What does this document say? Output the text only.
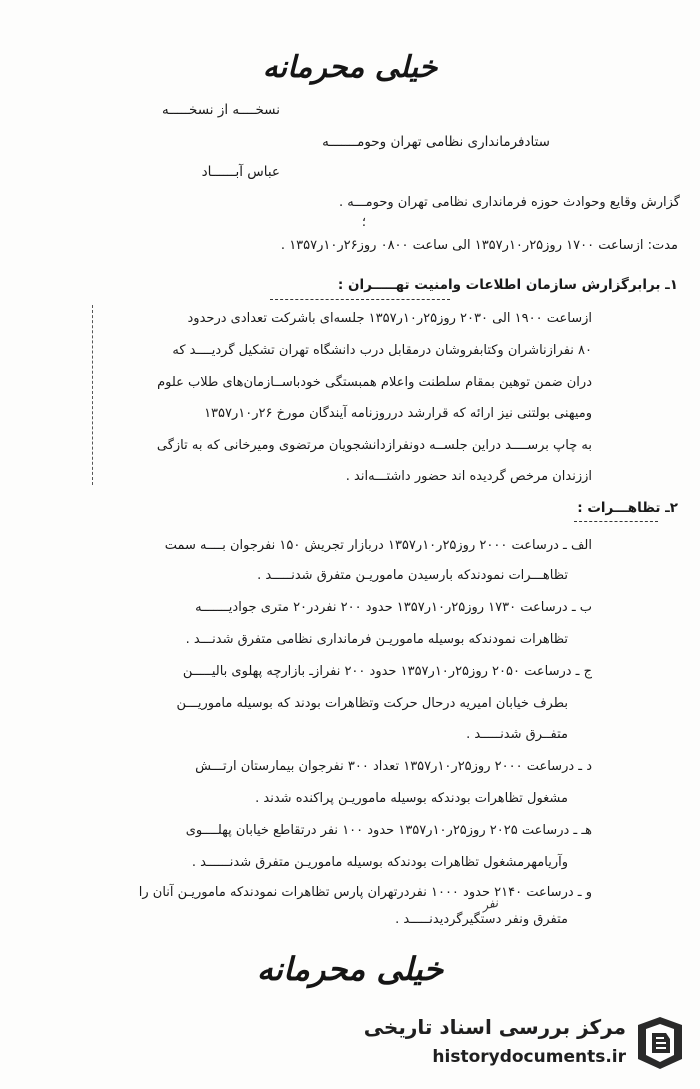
خیلی محرمانه
نسخــــه از نسخـــــه
ستادفرماندارى نظامی تهران وحومـــــــه
عباس آبــــــاد
گزارش وقایع وحوادث حوزه فرماندارى نظامى تهران وحومـــه .
؛
مدت: ازساعت ۱۷۰۰ روز۲۵ر۱۰ر۱۳۵۷ الی ساعت ۰۸۰۰ روز۲۶ر۱۰ر۱۳۵۷ .
۱ـ برابرگزارش سازمان اطلاعات وامنیت تهـــــران :
ازساعت ۱۹۰۰ الی ۲۰۳۰ روز۲۵ر۱۰ر۱۳۵۷ جلسه‌ای باشرکت تعدادی درحدود
۸۰ نفرازناشران وکتابفروشان درمقابل درب دانشگاه تهران تشکیل گردیــــد که
دران ضمن توهین بمقام سلطنت واعلام همبستگی خودباســازمان‌هاى طلاب علوم
ومیهنی بولتنی نیز ارائه که قرارشد درروزنامه آیندگان مورخ ۲۶ر۱۰ر۱۳۵۷
به چاپ برســــد دراین جلســه دونفرازدانشجویان مرتضوی ومیرخانی که به تازگی
اززندان مرخص گردیده اند حضور داشتـــه‌اند .
۲ـ تظاهـــرات :
الف ـ درساعت ۲۰۰۰ روز۲۵ر۱۰ر۱۳۵۷ دربازار تجریش ۱۵۰ نفرجوان بــــه سمت
تظاهـــرات نمودندکه بارسیدن ماموریـن متفرق شدنـــــد .
ب ـ درساعت ۱۷۳۰ روز۲۵ر۱۰ر۱۳۵۷ حدود ۲۰۰ نفردر۲۰ متری جوادیـــــــه
تظاهرات نمودندکه بوسیله ماموریـن فرماندارى نظامی متفرق شدنـــد .
ج ـ درساعت ۲۰۵۰ روز۲۵ر۱۰ر۱۳۵۷ حدود ۲۰۰ نفرازـ بازارچه پهلوی بالیـــــن
بطرف خیابان امیریه درحال حرکت وتظاهرات بودند که بوسیله ماموریـــن
متفــرق شدنـــــد .
د ـ درساعت ۲۰۰۰ روز۲۵ر۱۰ر۱۳۵۷ تعداد ۳۰۰ نفرجوان بیمارستان ارتـــش
مشغول تظاهرات بودندکه بوسیله ماموریـن پراکنده شدند .
هـ ـ درساعت ۲۰۲۵ روز۲۵ر۱۰ر۱۳۵۷ حدود ۱۰۰ نفر درتقاطع خیابان پهلــــوی
وآریامهرمشغول تظاهرات بودندکه بوسیله ماموریـن متفرق شدنــــــد .
و ـ درساعت ۲۱۴۰ حدود ۱۰۰۰ نفردرتهران پارس تظاهرات نمودندکه ماموریـن آنان را
متفرق ونفر دستگیرگردیدنـــــد .
نفر
خیلی محرمانه
مرکز بررسی اسناد تاریخی
historydocuments.ir
